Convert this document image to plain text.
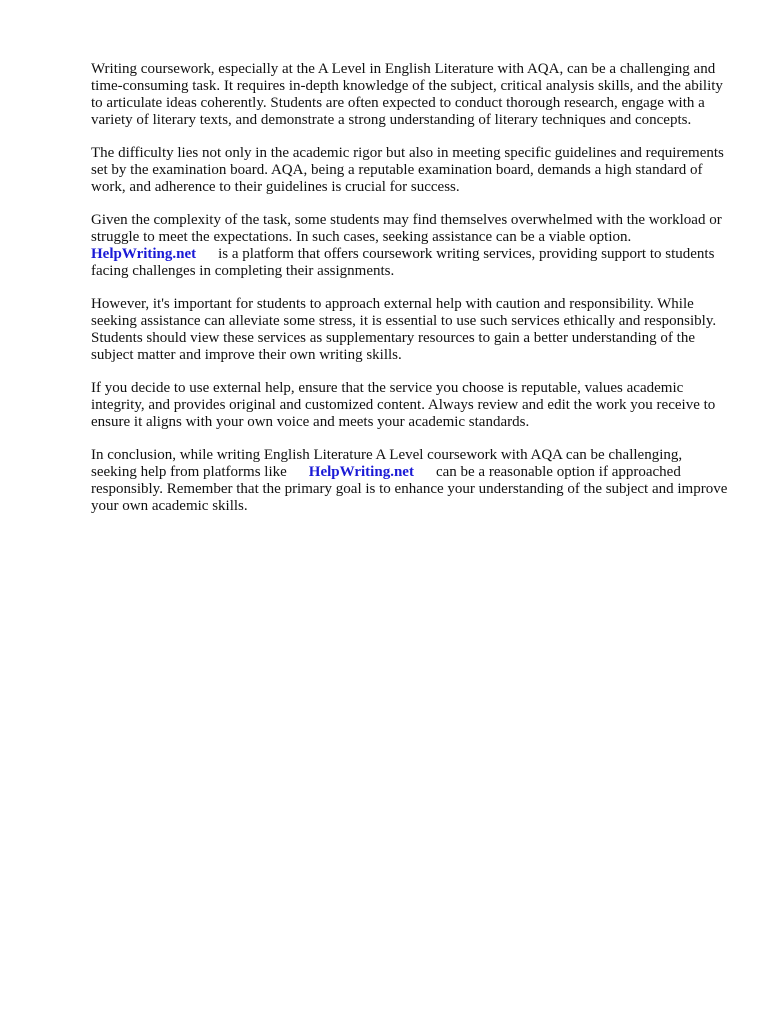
Writing coursework, especially at the A Level in English Literature with AQA, can be a challenging and time-consuming task. It requires in-depth knowledge of the subject, critical analysis skills, and the ability to articulate ideas coherently. Students are often expected to conduct thorough research, engage with a variety of literary texts, and demonstrate a strong understanding of literary techniques and concepts.

The difficulty lies not only in the academic rigor but also in meeting specific guidelines and requirements set by the examination board. AQA, being a reputable examination board, demands a high standard of work, and adherence to their guidelines is crucial for success.

Given the complexity of the task, some students may find themselves overwhelmed with the workload or struggle to meet the expectations. In such cases, seeking assistance can be a viable option.HelpWriting.net is a platform that offers coursework writing services, providing support to students facing challenges in completing their assignments.

However, it's important for students to approach external help with caution and responsibility. While seeking assistance can alleviate some stress, it is essential to use such services ethically and responsibly. Students should view these services as supplementary resources to gain a better understanding of the subject matter and improve their own writing skills.

If you decide to use external help, ensure that the service you choose is reputable, values academic integrity, and provides original and customized content. Always review and edit the work you receive to ensure it aligns with your own voice and meets your academic standards.

In conclusion, while writing English Literature A Level coursework with AQA can be challenging, seeking help from platforms like HelpWriting.net can be a reasonable option if approached responsibly. Remember that the primary goal is to enhance your understanding of the subject and improve your own academic skills.
